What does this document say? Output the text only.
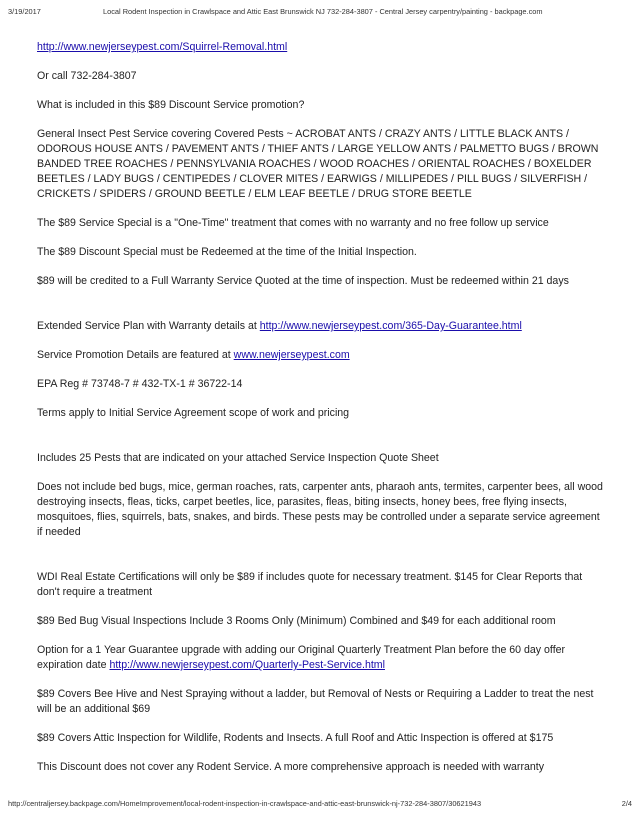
3/19/2017	Local Rodent Inspection in Crawlspace and Attic East Brunswick NJ 732-284-3807 - Central Jersey carpentry/painting - backpage.com

http://www.newjerseypest.com/Squirrel-Removal.html

Or call 732-284-3807

What is included in this $89 Discount Service promotion?

General Insect Pest Service covering Covered Pests ~ ACROBAT ANTS / CRAZY ANTS / LITTLE BLACK ANTS / ODOROUS HOUSE ANTS / PAVEMENT ANTS / THIEF ANTS / LARGE YELLOW ANTS / PALMETTO BUGS / BROWN BANDED TREE ROACHES / PENNSYLVANIA ROACHES / WOOD ROACHES / ORIENTAL ROACHES / BOXELDER BEETLES / LADY BUGS / CENTIPEDES / CLOVER MITES / EARWIGS / MILLIPEDES / PILL BUGS / SILVERFISH / CRICKETS / SPIDERS / GROUND BEETLE / ELM LEAF BEETLE / DRUG STORE BEETLE

The $89 Service Special is a "One-Time" treatment that comes with no warranty and no free follow up service

The $89 Discount Special must be Redeemed at the time of the Initial Inspection.

$89 will be credited to a Full Warranty Service Quoted at the time of inspection. Must be redeemed within 21 days

Extended Service Plan with Warranty details at http://www.newjerseypest.com/365-Day-Guarantee.html

Service Promotion Details are featured at www.newjerseypest.com

EPA Reg # 73748-7 # 432-TX-1 # 36722-14

Terms apply to Initial Service Agreement scope of work and pricing

Includes 25 Pests that are indicated on your attached Service Inspection Quote Sheet

Does not include bed bugs, mice, german roaches, rats, carpenter ants, pharaoh ants, termites, carpenter bees, all wood destroying insects, fleas, ticks, carpet beetles, lice, parasites, fleas, biting insects, honey bees, free flying insects, mosquitoes, flies, squirrels, bats, snakes, and birds. These pests may be controlled under a separate service agreement if needed

WDI Real Estate Certifications will only be $89 if includes quote for necessary treatment. $145 for Clear Reports that don't require a treatment

$89 Bed Bug Visual Inspections Include 3 Rooms Only (Minimum) Combined and $49 for each additional room

Option for a 1 Year Guarantee upgrade with adding our Original Quarterly Treatment Plan before the 60 day offer expiration date http://www.newjerseypest.com/Quarterly-Pest-Service.html

$89 Covers Bee Hive and Nest Spraying without a ladder, but Removal of Nests or Requiring a Ladder to treat the nest will be an additional $69

$89 Covers Attic Inspection for Wildlife, Rodents and Insects. A full Roof and Attic Inspection is offered at $175

This Discount does not cover any Rodent Service. A more comprehensive approach is needed with warranty

http://centraljersey.backpage.com/HomeImprovement/local-rodent-inspection-in-crawlspace-and-attic-east-brunswick-nj-732-284-3807/30621943	2/4
